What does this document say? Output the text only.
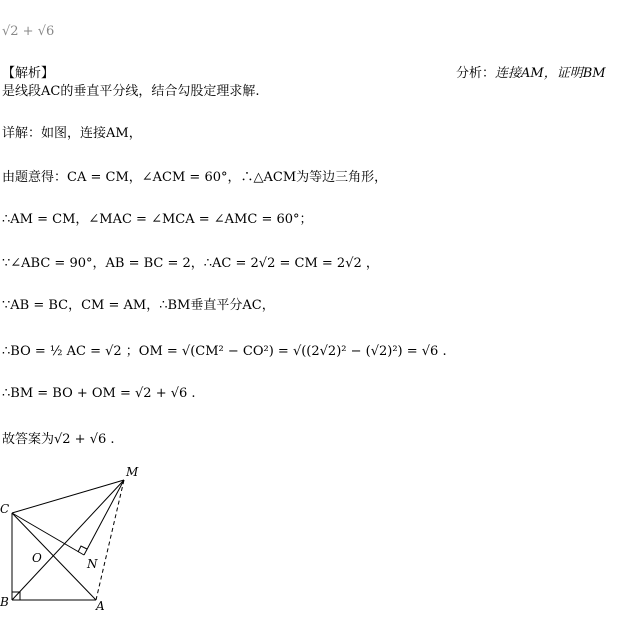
√2 + √6
【解析】	分析：连接AM，证明BM
是线段AC的垂直平分线，结合勾股定理求解.
详解：如图，连接AM，
由题意得：CA = CM，∠ACM = 60°，∴△ACM为等边三角形，
∴AM = CM，∠MAC = ∠MCA = ∠AMC = 60°；
∵∠ABC = 90°，AB = BC = 2，∴AC = 2√2 = CM = 2√2 ，
∵AB = BC，CM = AM，∴BM垂直平分AC，
∴BO = ½ AC = √2 ；OM = √(CM² − CO²) = √((2√2)² − (√2)²) = √6 .
∴BM = BO + OM = √2 + √6 .
故答案为√2 + √6 .
M
C
O	N
B	A
